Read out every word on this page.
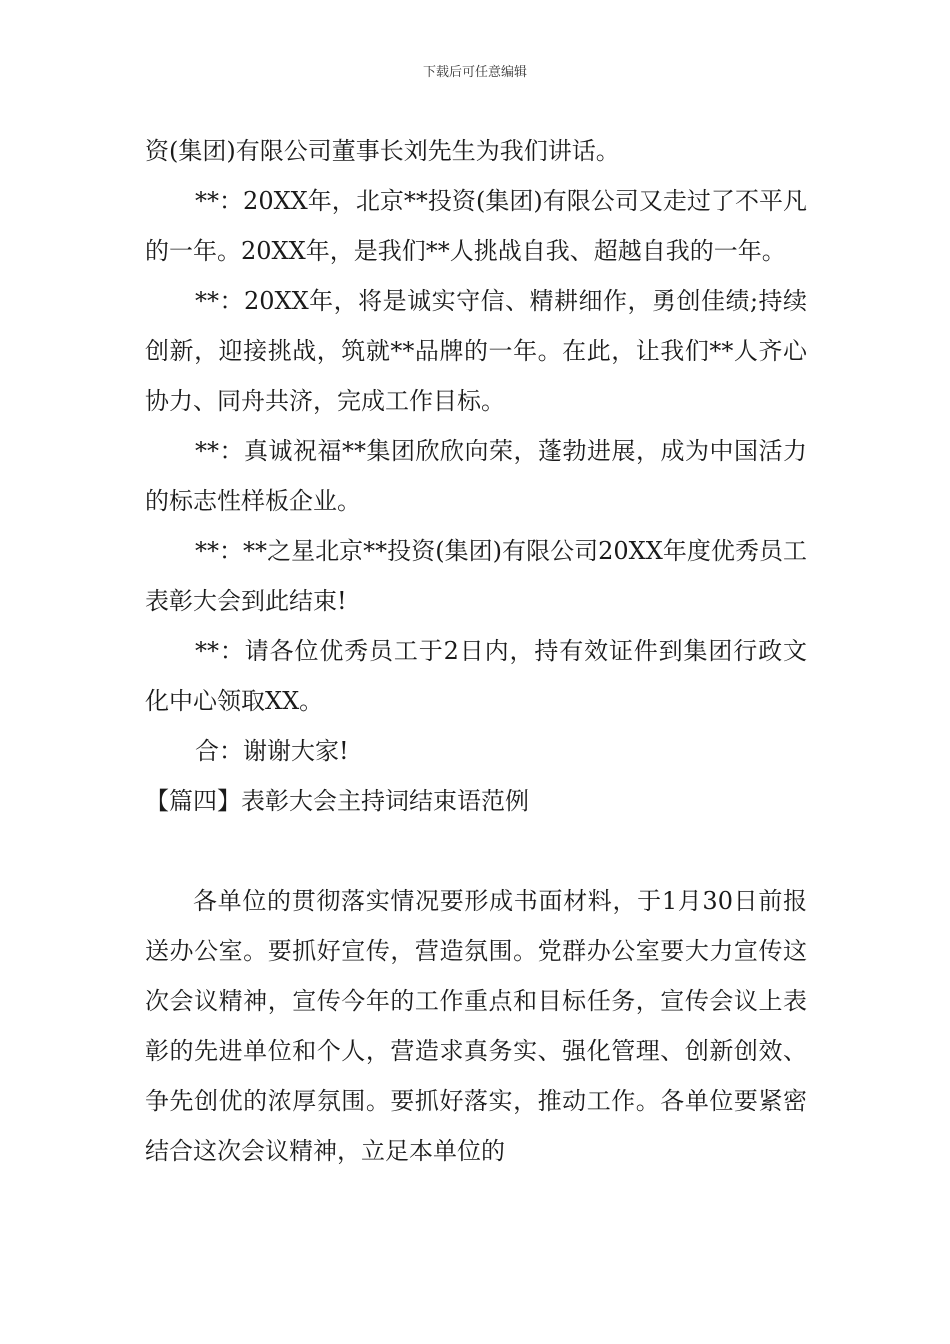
下载后可任意编辑

资(集团)有限公司董事长刘先生为我们讲话。

**：20XX年，北京**投资(集团)有限公司又走过了不平凡的一年。20XX年，是我们**人挑战自我、超越自我的一年。

**：20XX年，将是诚实守信、精耕细作，勇创佳绩;持续创新，迎接挑战，筑就**品牌的一年。在此，让我们**人齐心协力、同舟共济，完成工作目标。

**：真诚祝福**集团欣欣向荣，蓬勃进展，成为中国活力的标志性样板企业。

**：**之星北京**投资(集团)有限公司20XX年度优秀员工表彰大会到此结束!

**：请各位优秀员工于2日内，持有效证件到集团行政文化中心领取XX。

合：谢谢大家!

【篇四】表彰大会主持词结束语范例

各单位的贯彻落实情况要形成书面材料，于1月30日前报送办公室。要抓好宣传，营造氛围。党群办公室要大力宣传这次会议精神，宣传今年的工作重点和目标任务，宣传会议上表彰的先进单位和个人，营造求真务实、强化管理、创新创效、争先创优的浓厚氛围。要抓好落实，推动工作。各单位要紧密结合这次会议精神，立足本单位的
